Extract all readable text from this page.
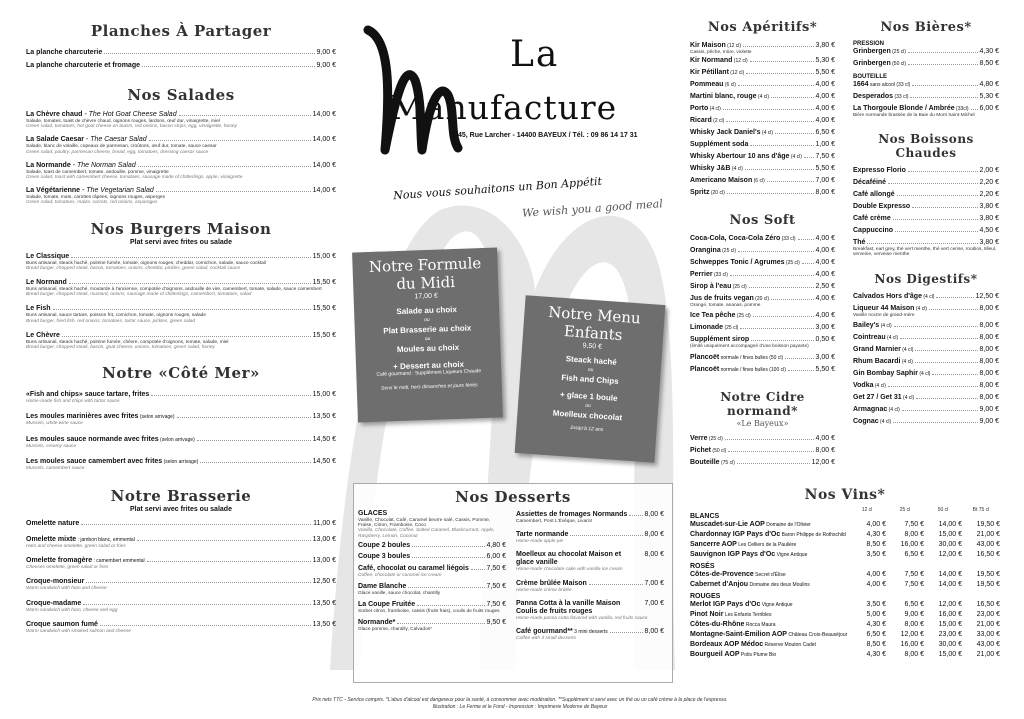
Planches À Partager
La planche charcuterie	9,00 €
La planche charcuterie et fromage	9,00 €
Nos Salades
La Chèvre chaud - The Hot Goat Cheese Salad	14,00 €
Salade, tomates, toast de chèvre chaud, oignons rouges, lardons, œuf dur, vinaigrette, miel
Green salad, tomatoes, hot goat cheese on toasts, red onions, bacon strips, egg, vinaigrette, honey
La Salade Caesar - The Caesar Salad	14,00 €
Salade, blanc de volaille, copeaux de parmesan, croûtons, œuf dur, tomate, sauce caesar
Green salad, poultry, parmesan cheese, bread, egg, tomatoes, dressing caesar sauce
La Normande - The Norman Salad	14,00 €
Salade, toast de camembert, tomate, andouille, pomme, vinaigrette
Green salad, toast with camembert cheese, tomatoes, sausage made of chitterlings, apple, vinaigrette
La Végétarienne - The Vegetarian Salad	14,00 €
Salade, tomate, maïs, carottes râpées, oignons rouges, asperges
Green salad, tomatoes, maize, carrots, red onions, asparagus
Nos Burgers Maison
Plat servi avec frites ou salade
Le Classique	15,00 €
Buns artisanal, steack haché, poitrine fumée, tomate, oignons rouges, cheddar, cornichon, salade, sauce cocktail
Bread burger, chopped steak, bacon, tomatoes, onions, cheddar, pickles, green salad, cocktail sauce
Le Normand	15,50 €
Buns artisanal, steack haché, moutarde à l'ancienne, compotée d'oignons, andouille de vire, camembert, tomate, salade, sauce camembert
Bread burger, chopped steak, mustard, onions, sausage made of chitterlings, camembert, tomatoes, salad
Le Fish	15,50 €
Buns artisanal, sauce tartare, poisson frit, cornichon, tomate, oignons rouges, salade
Bread burger, fried fish, red onions, tomatoes, tartar sauce, pickles, green salad
Le Chèvre	15,50 €
Buns artisanal, steack haché, poitrine fumée, chèvre, compotée d'oignons, tomate, salade, miel
Bread burger, chopped steak, bacon, goat cheese, onions, tomatoes, green salad, honey
Notre «Côté Mer»
«Fish and chips» sauce tartare, frites	15,00 €
Home-made fish and chips with tartar sauce
Les moules marinières avec frites (selon arrivage)	13,50 €
Mussels, white wine sauce
Les moules sauce normande avec frites (selon arrivage)	14,50 €
Mussels, creamy sauce
Les moules sauce camembert avec frites (selon arrivage)	14,50 €
Mussels, camembert sauce
Notre Brasserie
Plat servi avec frites ou salade
Omelette nature	11,00 €
Omelette mixte : jambon blanc, emmental	13,00 €
Ham and cheese omelette, green salad or fries
Omelette fromagère : camembert emmental	13,00 €
Cheeses omelette, green salad or fries
Croque-monsieur	12,50 €
Warm sandwich with ham and cheese
Croque-madame	13,50 €
Warm sandwich with ham, cheese and egg
Croque saumon fumé	13,50 €
Warm sandwich with smoked salmon and cheese
La
Manufacture
45, Rue Larcher - 14400 BAYEUX / Tél. : 09 86 14 17 31
Nous vous souhaitons un Bon Appétit
We wish you a good meal
Notre Formule
du Midi
17,00 €
Salade au choix
ou
Plat Brasserie au choix
ou
Moules au choix
+ Dessert au choix
Café gourmand : Supplément Liqueurs Chaude
Servi le midi, hors dimanches et jours fériés
Notre Menu
Enfants
9,50 €
Steack haché
ou
Fish and Chips
+ glace 1 boule
ou
Moelleux chocolat
Jusqu'à 12 ans
Nos Desserts
GLACES
Vanille, Chocolat, Café, Caramel beurre salé, Cassis, Pomme, Fraise, Citron, Framboise, Coco
Vanilla, Chocolate, Coffee, Salted Caramel, Blackcurrant, Apple, Raspberry, Lemon, Coconut
Coupe 2 boules	4,80 €
Coupe 3 boules	6,00 €
Café, chocolat ou caramel liégois	7,50 €
Coffee, chocolate or caramel ice cream
Dame Blanche	7,50 €
Glace vanille, sauce chocolat, chantilly
La Coupe Fruitée	7,50 €
Sorbet citron, framboise, cassis (fruits frais), coulis de fruits rouges
Normande*	9,50 €
Glace pomme, chantilly, Calvados*
Assiettes de fromages Normands 8,00 €
Camembert, Pont L'Évêque, Livarot
Tarte normande	8,00 €
Home-made apple pie
Moelleux au chocolat Maison et glace vanille
8,00 €
Home-made chocolate cake with vanilla ice cream
Crème brûlée Maison	7,00 €
Home-made crème brûlée
Panna Cotta à la vanille Maison Coulis de fruits rouges
7,00 €
Home-made panna cotta flavored with vanilla, red fruits sauce
Café gourmand** 3 mini desserts	8,00 €
Coffee with 3 small desserts
Nos Apéritifs*
Kir Maison (12 cl)	3,80 €
Cassis, pêche, mûre, violette
Kir Normand (12 cl)	5,30 €
Kir Pétillant (12 cl)	5,50 €
Pommeau (6 cl)	4,00 €
Martini blanc, rouge (4 cl)	4,00 €
Porto (4 cl)	4,00 €
Ricard (2 cl)	4,00 €
Whisky Jack Daniel's (4 cl)	6,50 €
Supplément soda	1,00 €
Whisky Abertour 10 ans d'âge (4 cl) 7,50 €
Whisky J&B (4 cl)	5,50 €
Americano Maison (6 cl)	7,00 €
Spritz (20 cl)	8,00 €
Nos Soft
Coca-Cola, Coca-Cola Zéro (33 cl)	4,00 €
Orangina (25 cl)	4,00 €
Schweppes Tonic / Agrumes (25 cl) 4,00 €
Perrier (33 cl)	4,00 €
Sirop à l'eau (25 cl)	2,50 €
Jus de fruits vegan (20 cl)	4,00 €
Orange, tomate, ananas, pomme
Ice Tea pêche (25 cl)	4,00 €
Limonade (25 cl)	3,00 €
Supplément sirop	0,50 €
(limité uniquement accompagné d'une boisson payante)
Plancoët normale / fines bulles (50 cl)	3,00 €
Plancoët normale / fines bulles (100 cl)	5,50 €
Notre Cidre normand*
«Le Bayeux»
Verre (25 cl)	4,00 €
Pichet (50 cl)	8,00 €
Bouteille (75 cl)	12,00 €
Nos Bières*
PRESSION
Grinbergen (25 cl)	4,30 €
Grinbergen (50 cl)	8,50 €
BOUTEILLE
1664 sans alcool (33 cl)	4,80 €
Desperados (33 cl)	5,30 €
La Thorgoule Blonde / Ambrée (33cl) 6,00 €
Bière normande brassée de la Baie du Mont Saint-Michel
Nos Boissons Chaudes
Expresso Florio	2,00 €
Décaféiné	2,20 €
Café allongé	2,20 €
Double Expresso	3,80 €
Café crème	3,80 €
Cappuccino	4,50 €
Thé	3,80 €
Breakfast, earl grey, thé vert menthe, thé vert cerise, rooibos, tilleul, verveine, verveine menthe
Nos Digestifs*
Calvados Hors d'âge (4 cl)	12,50 €
Liqueur 44 Maison (4 cl)	8,00 €
Vanille noctre de grand-mère
Bailey's (4 cl)	8,00 €
Cointreau (4 cl)	8,00 €
Grand Marnier (4 cl)	8,00 €
Rhum Bacardi (4 cl)	8,00 €
Gin Bombay Saphir (4 cl)	8,00 €
Vodka (4 cl)	8,00 €
Get 27 / Get 31 (4 cl)	8,00 €
Armagnac (4 cl)	9,00 €
Cognac (4 cl)	9,00 €
Nos Vins*
12 cl	25 cl	50 cl	Bt 75 cl
BLANCS
Muscadet-sur-Lie AOP Domaine de l'Olivier	4,00 €	7,50 €	14,00 €	19,50 €
Chardonnay IGP Pays d'Oc Baron Philippe de Rothschild	4,30 €	8,00 €	15,00 €	21,00 €
Sancerre AOP Les Celliers de la Paulière	8,50 €	16,00 €	30,00 €	43,00 €
Sauvignon IGP Pays d'Oc Vigne Antique	3,50 €	6,50 €	12,00 €	16,50 €
ROSÉS
Côtes-de-Provence Secret d'Élise	4,00 €	7,50 €	14,00 €	19,50 €
Cabernet d'Anjou Domaine des deux Moulins	4,00 €	7,50 €	14,00 €	19,50 €
ROUGES
Merlot IGP Pays d'Oc Vigne Antique	3,50 €	6,50 €	12,00 €	16,50 €
Pinot Noir Les Enfants Terribles	5,00 €	9,00 €	16,00 €	23,00 €
Côtes-du-Rhône Rocca Maura	4,30 €	8,00 €	15,00 €	21,00 €
Montagne-Saint-Émilion AOP Château Croix-Beauséjour	6,50 €	12,00 €	23,00 €	33,00 €
Bordeaux AOP Médoc Réserve Mouton Cadet	8,50 €	16,00 €	30,00 €	43,00 €
Bourgueil AOP Potis Plume Bio	4,30 €	8,00 €	15,00 €	21,00 €
Prix nets TTC - Service compris. *L'abus d'alcool est dangereux pour la santé, à consommer avec modération. **Supplément si servi avec un thé ou un café crème à la place de l'expresso.
Illustration : Le Ferme et le Fond - Impression : Imprimerie Moderne de Bayeux
